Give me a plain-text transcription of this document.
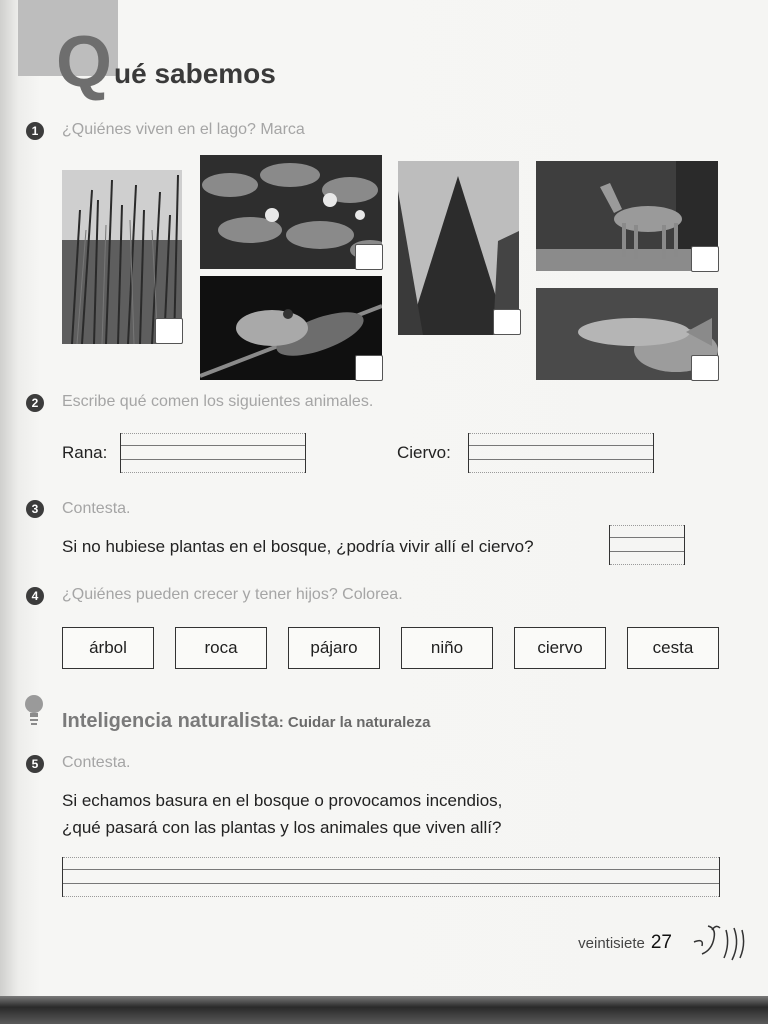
Q ué sabemos
1	¿Quiénes viven en el lago? Marca
2	Escribe qué comen los siguientes animales.
Rana:	Ciervo:
3	Contesta.
Si no hubiese plantas en el bosque, ¿podría vivir allí el ciervo?
4	¿Quiénes pueden crecer y tener hijos? Colorea.
árbol	roca	pájaro	niño	ciervo	cesta
Inteligencia naturalista: Cuidar la naturaleza
5	Contesta.
Si echamos basura en el bosque o provocamos incendios,
¿qué pasará con las plantas y los animales que viven allí?
veintisiete 27
